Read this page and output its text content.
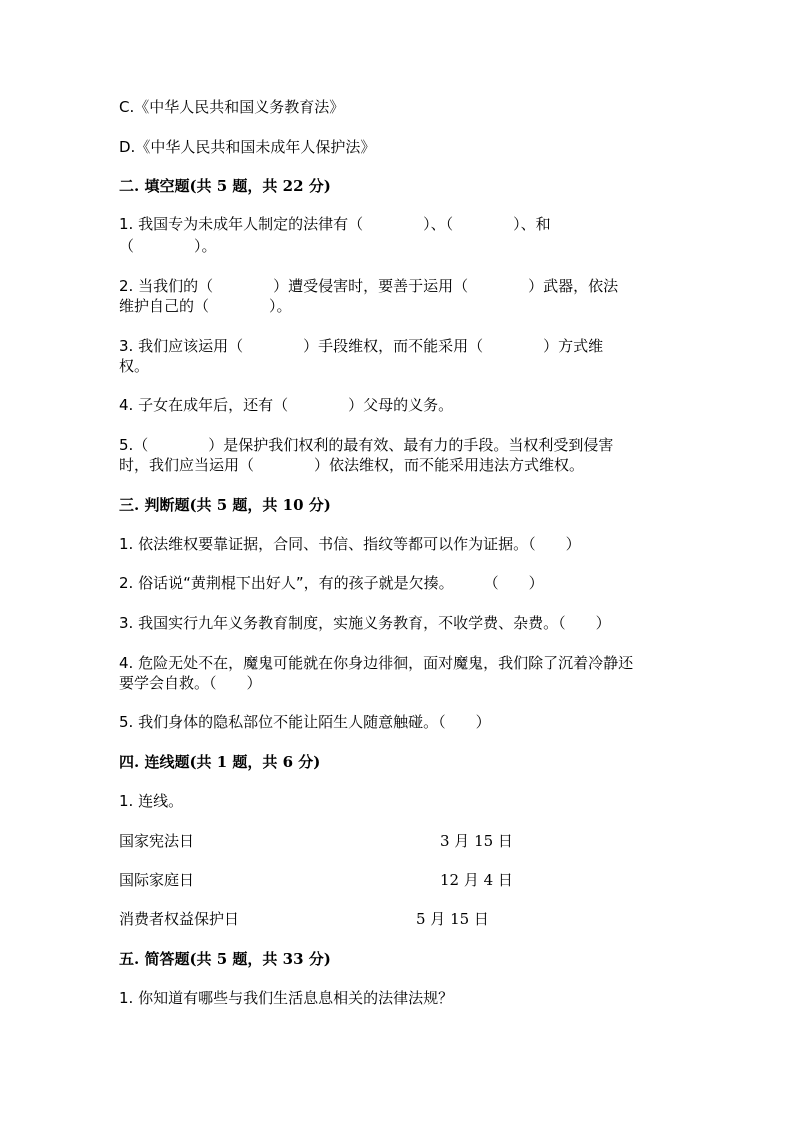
C.《中华人民共和国义务教育法》
D.《中华人民共和国未成年人保护法》
二. 填空题(共 5 题，共 22 分)
1. 我国专为未成年人制定的法律有（　　　　）、（　　　　）、和
（　　　　）。
2. 当我们的（　　　　）遭受侵害时，要善于运用（　　　　）武器，依法
维护自己的（　　　　）。
3. 我们应该运用（　　　　）手段维权，而不能采用（　　　　）方式维
权。
4. 子女在成年后，还有（　　　　）父母的义务。
5.（　　　　）是保护我们权利的最有效、最有力的手段。当权利受到侵害
时，我们应当运用（　　　　）依法维权，而不能采用违法方式维权。
三. 判断题(共 5 题，共 10 分)
1. 依法维权要靠证据，合同、书信、指纹等都可以作为证据。（　　）
2. 俗话说“黄荆棍下出好人”，有的孩子就是欠揍。　　　（　　）
3. 我国实行九年义务教育制度，实施义务教育，不收学费、杂费。（　　）
4. 危险无处不在，魔鬼可能就在你身边徘徊，面对魔鬼，我们除了沉着冷静还
要学会自救。（　　）
5. 我们身体的隐私部位不能让陌生人随意触碰。（　　）
四. 连线题(共 1 题，共 6 分)
1. 连线。
国家宪法日	3 月 15 日
国际家庭日	12 月 4 日
消费者权益保护日	5 月 15 日
五. 简答题(共 5 题，共 33 分)
1. 你知道有哪些与我们生活息息相关的法律法规？
